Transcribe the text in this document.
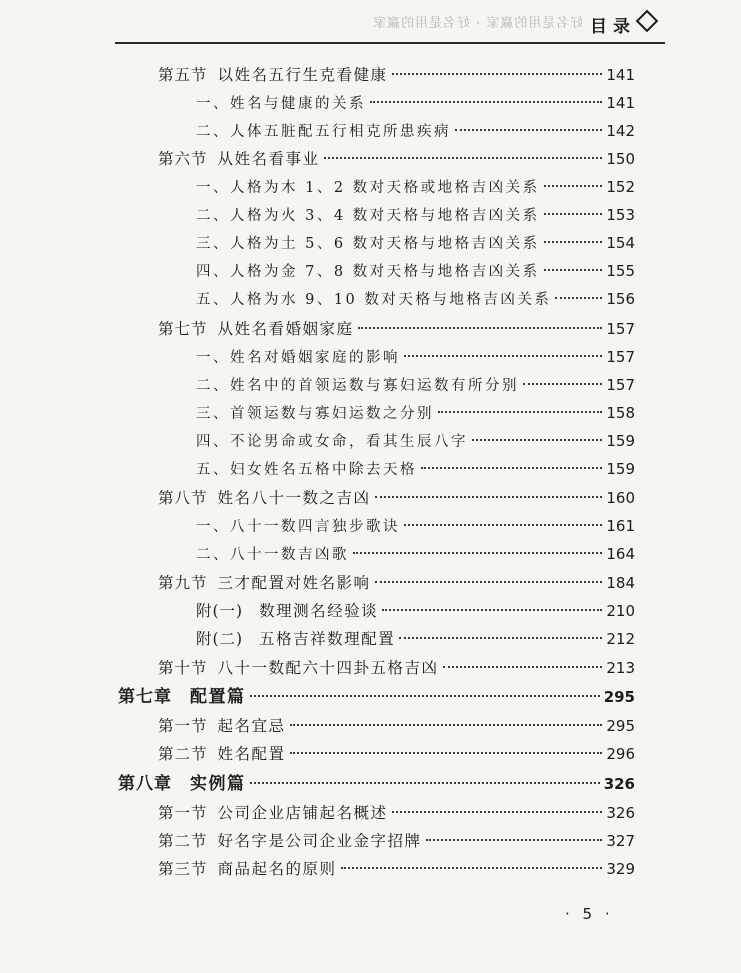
好名是用的赢家 · 好名是用的赢家 目录
第五节 以姓名五行生克看健康	141
一、姓名与健康的关系	141
二、人体五脏配五行相克所患疾病	142
第六节 从姓名看事业	150
一、人格为木 1、2 数对天格或地格吉凶关系	152
二、人格为火 3、4 数对天格与地格吉凶关系	153
三、人格为土 5、6 数对天格与地格吉凶关系	154
四、人格为金 7、8 数对天格与地格吉凶关系	155
五、人格为水 9、10 数对天格与地格吉凶关系	156
第七节 从姓名看婚姻家庭	157
一、姓名对婚姻家庭的影响	157
二、姓名中的首领运数与寡妇运数有所分别	157
三、首领运数与寡妇运数之分别	158
四、不论男命或女命，看其生辰八字	159
五、妇女姓名五格中除去天格	159
第八节 姓名八十一数之吉凶	160
一、八十一数四言独步歌诀	161
二、八十一数吉凶歌	164
第九节 三才配置对姓名影响	184
附(一) 数理测名经验谈	210
附(二) 五格吉祥数理配置	212
第十节 八十一数配六十四卦五格吉凶	213
第七章 配置篇	295
第一节 起名宜忌	295
第二节 姓名配置	296
第八章 实例篇	326
第一节 公司企业店铺起名概述	326
第二节 好名字是公司企业金字招牌	327
第三节 商品起名的原则	329
· 5 ·
